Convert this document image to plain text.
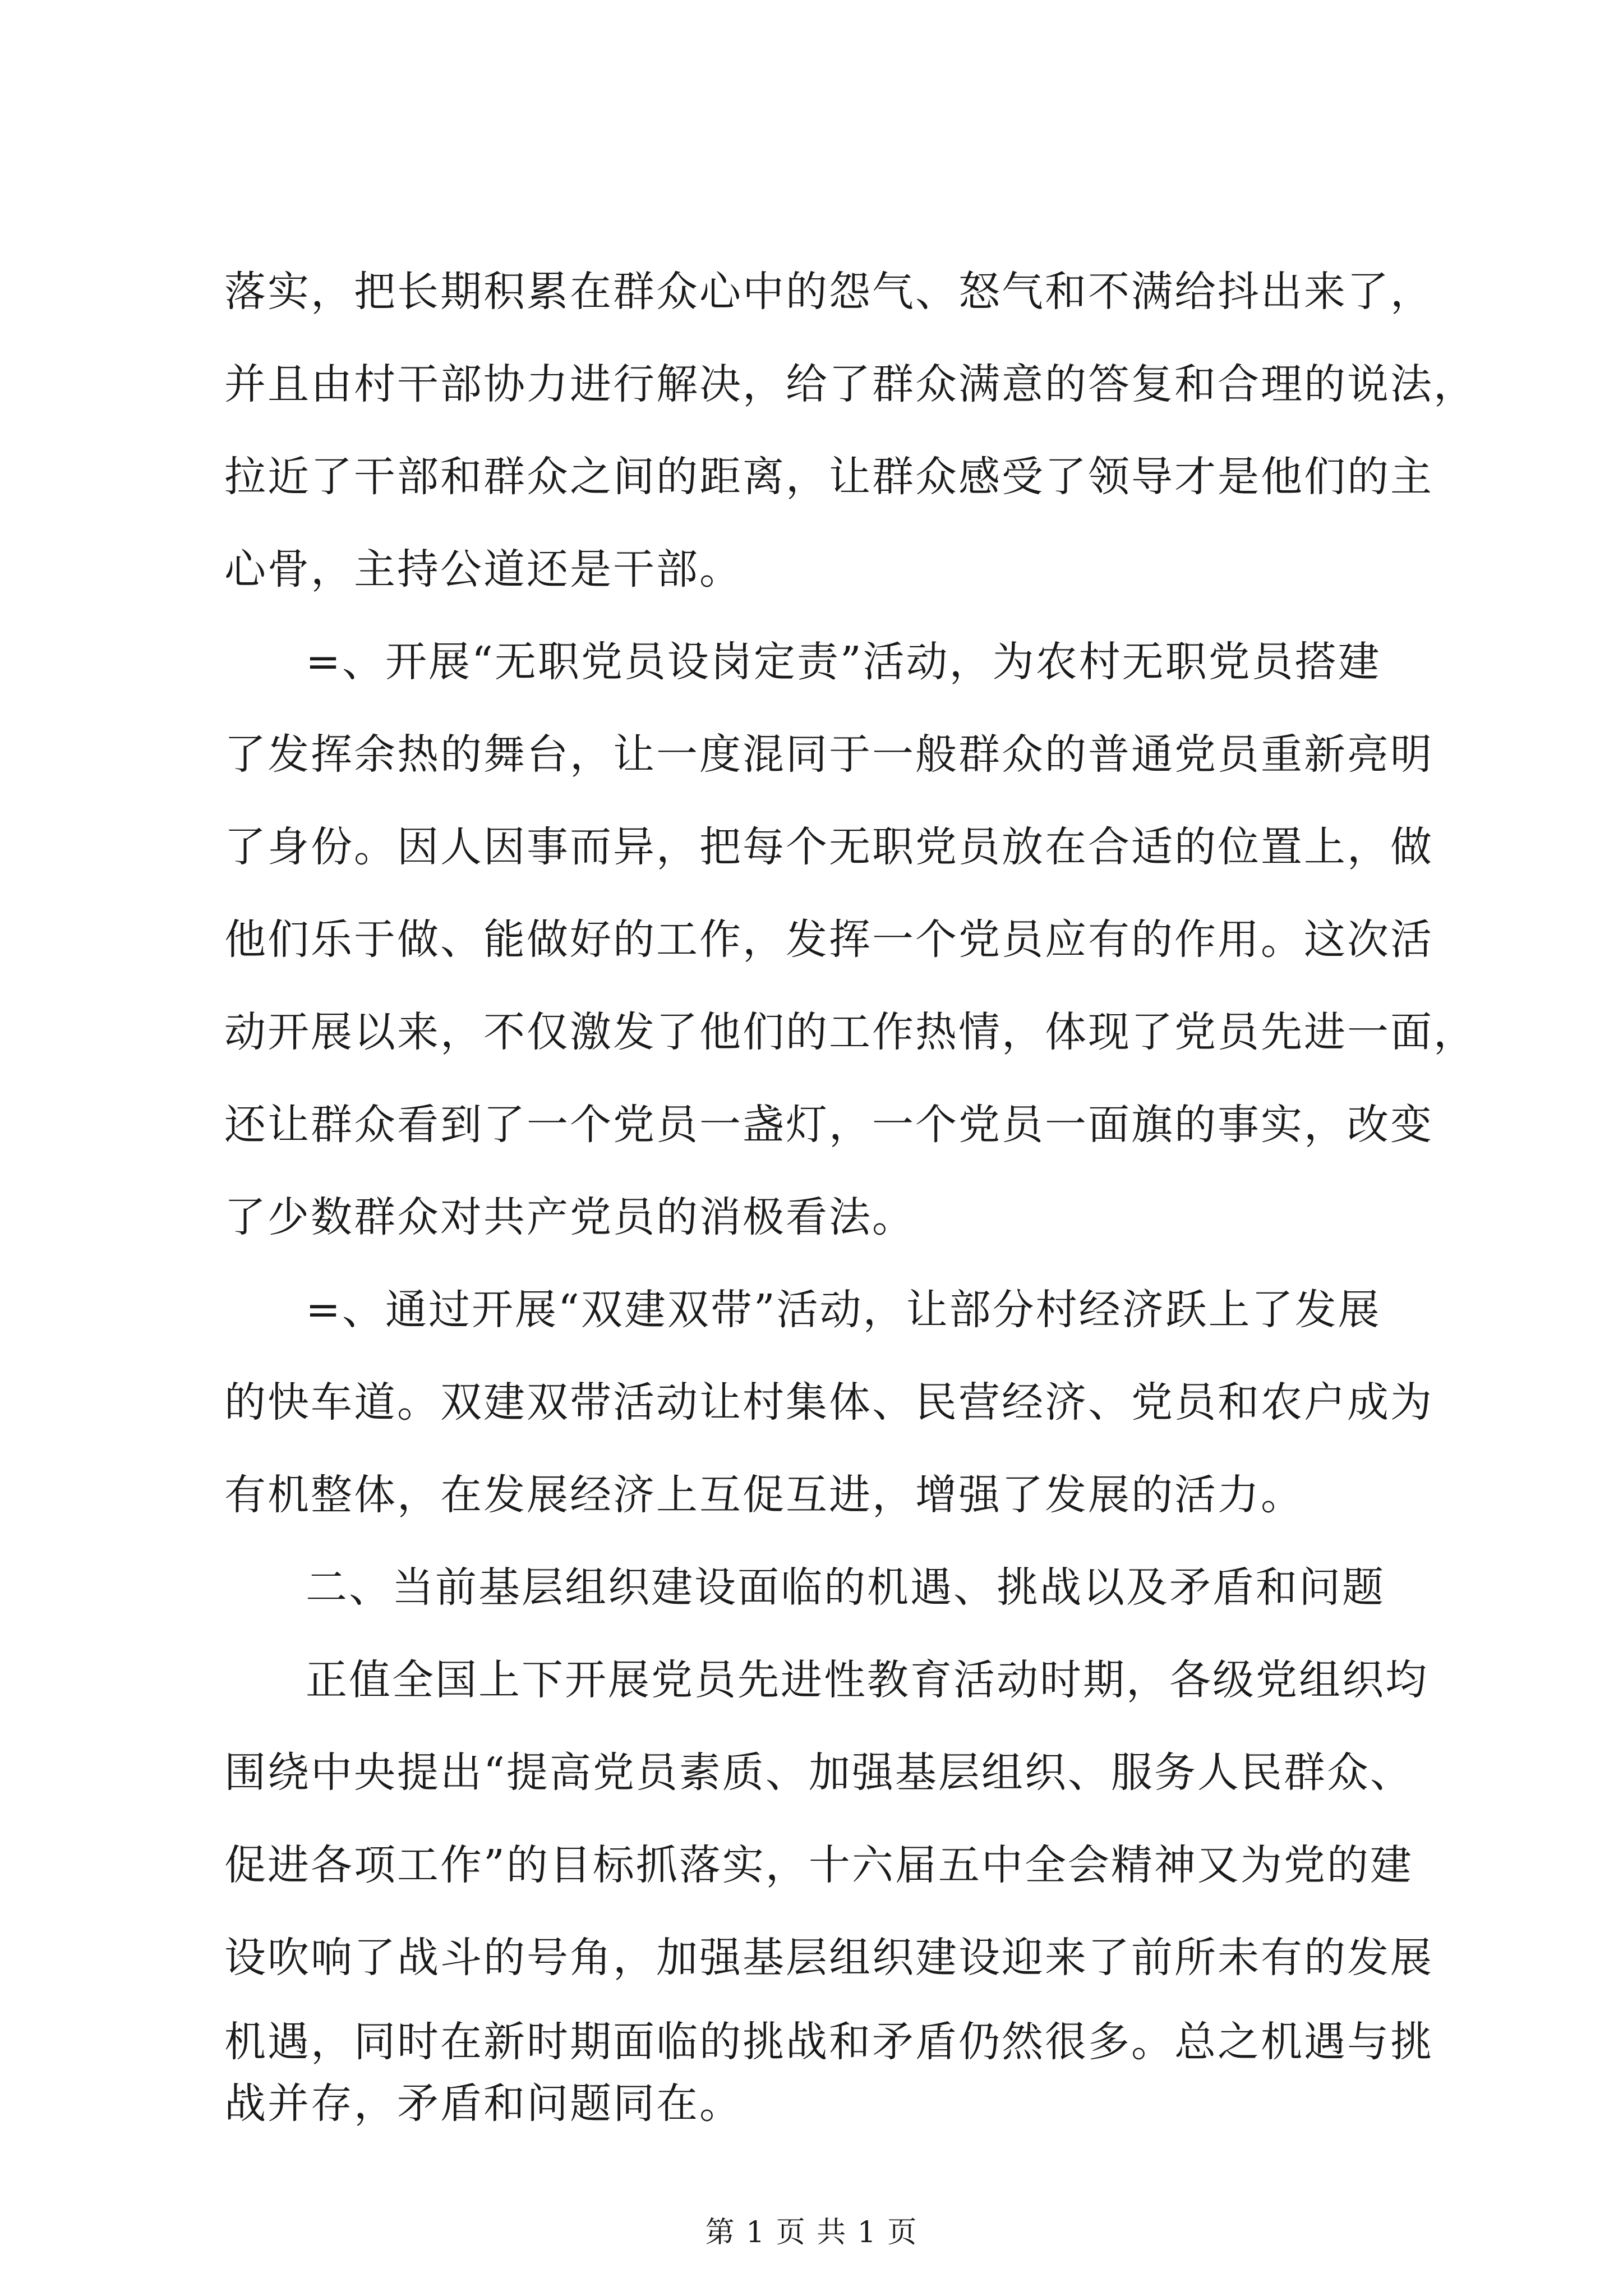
落实，把长期积累在群众心中的怨气、怒气和不满给抖出来了，
并且由村干部协力进行解决，给了群众满意的答复和合理的说法，
拉近了干部和群众之间的距离，让群众感受了领导才是他们的主
心骨，主持公道还是干部。
=、开展“无职党员设岗定责”活动，为农村无职党员搭建
了发挥余热的舞台，让一度混同于一般群众的普通党员重新亮明
了身份。因人因事而异，把每个无职党员放在合适的位置上，做
他们乐于做、能做好的工作，发挥一个党员应有的作用。这次活
动开展以来，不仅激发了他们的工作热情，体现了党员先进一面，
还让群众看到了一个党员一盏灯，一个党员一面旗的事实，改变
了少数群众对共产党员的消极看法。
=、通过开展“双建双带”活动，让部分村经济跃上了发展
的快车道。双建双带活动让村集体、民营经济、党员和农户成为
有机整体，在发展经济上互促互进，增强了发展的活力。
二、当前基层组织建设面临的机遇、挑战以及矛盾和问题
正值全国上下开展党员先进性教育活动时期，各级党组织均
围绕中央提出“提高党员素质、加强基层组织、服务人民群众、
促进各项工作”的目标抓落实，十六届五中全会精神又为党的建
设吹响了战斗的号角，加强基层组织建设迎来了前所未有的发展
机遇，同时在新时期面临的挑战和矛盾仍然很多。总之机遇与挑
战并存，矛盾和问题同在。
第 1 页 共 1 页
